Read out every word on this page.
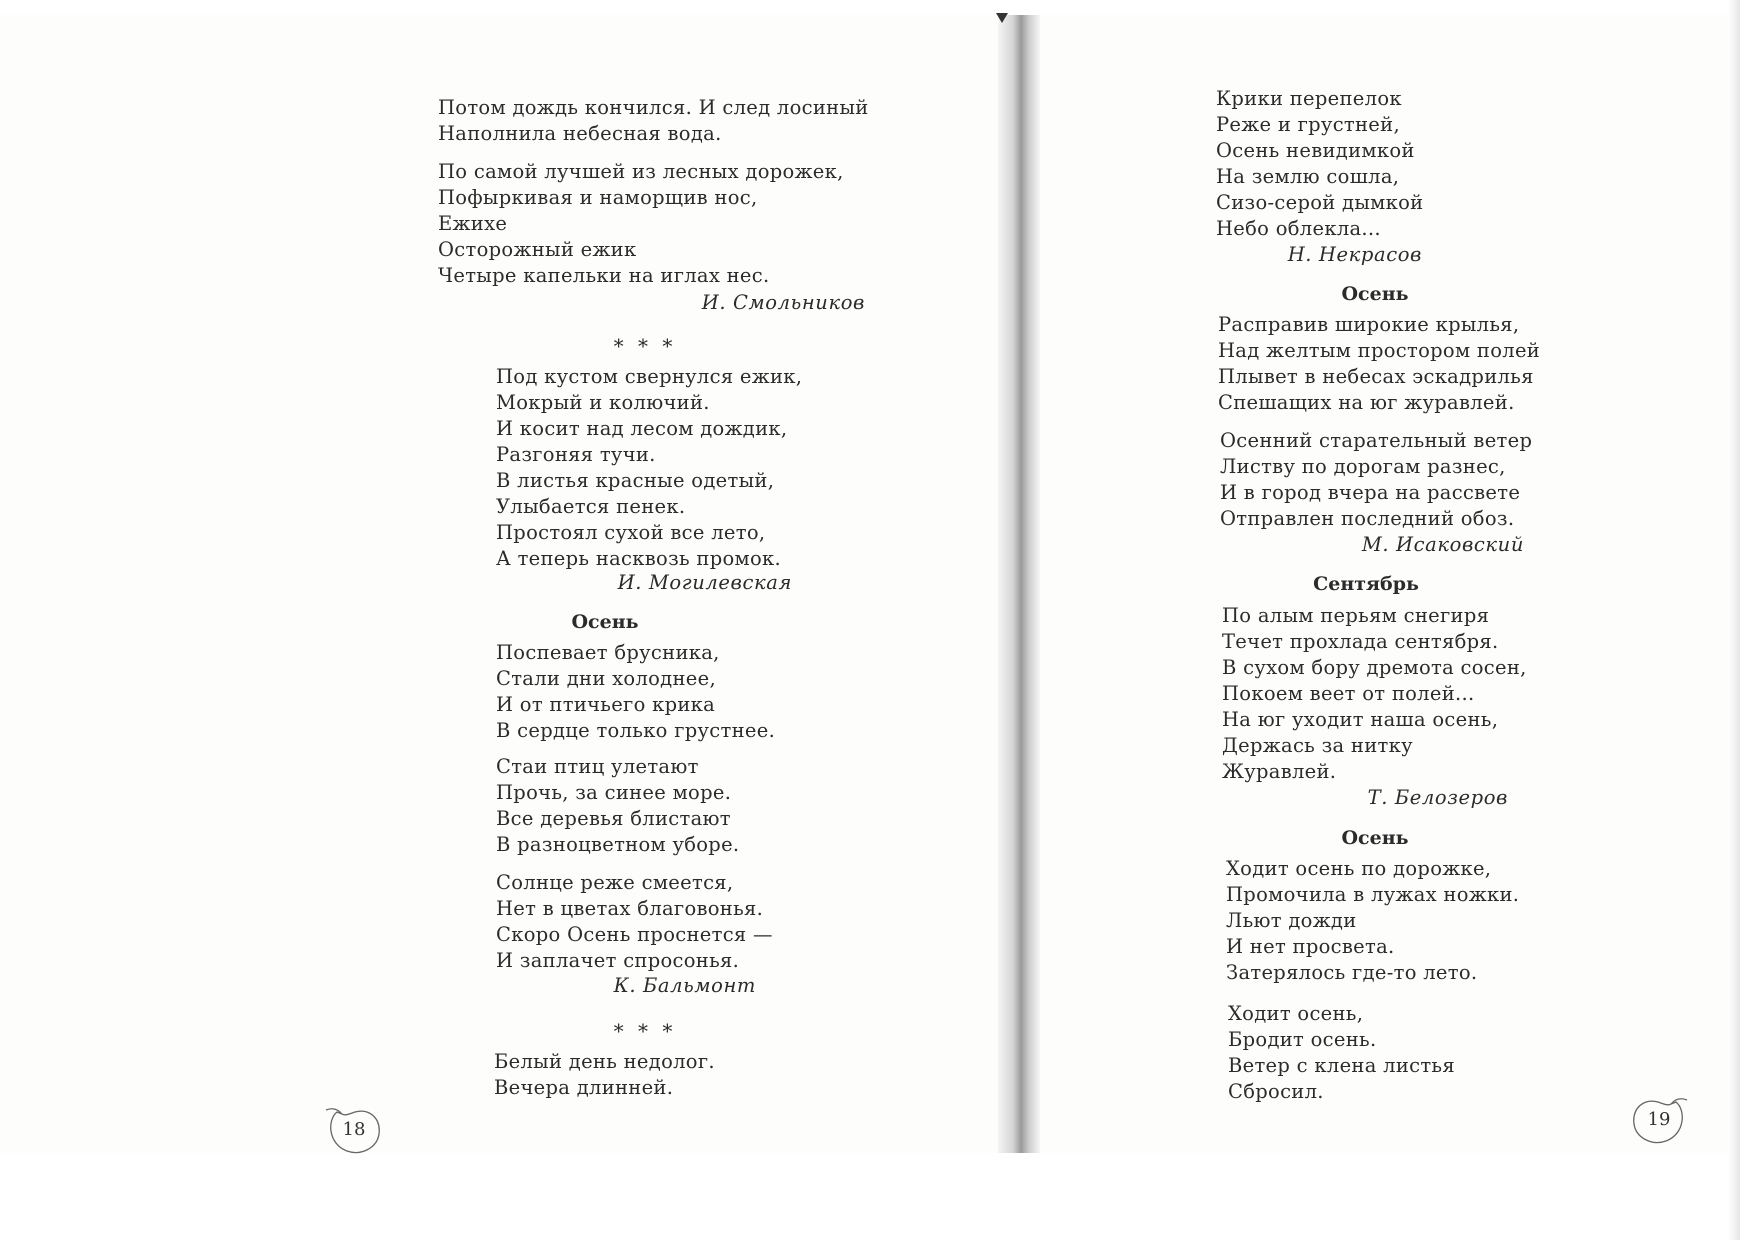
Потом дождь кончился. И след лосиный
Наполнила небесная вода.
По самой лучшей из лесных дорожек,
Пофыркивая и наморщив нос,
Ежихе
Осторожный ежик
Четыре капельки на иглах нес.
И. Смольников
* * *
Под кустом свернулся ежик,
Мокрый и колючий.
И косит над лесом дождик,
Разгоняя тучи.
В листья красные одетый,
Улыбается пенек.
Простоял сухой все лето,
А теперь насквозь промок.
И. Могилевская
Осень
Поспевает брусника,
Стали дни холоднее,
И от птичьего крика
В сердце только грустнее.
Стаи птиц улетают
Прочь, за синее море.
Все деревья блистают
В разноцветном уборе.
Солнце реже смеется,
Нет в цветах благовонья.
Скоро Осень проснется —
И заплачет спросонья.
К. Бальмонт
* * *
Белый день недолог.
Вечера длинней.
18
Крики перепелок
Реже и грустней,
Осень невидимкой
На землю сошла,
Сизо-серой дымкой
Небо облекла...
Н. Некрасов
Осень
Расправив широкие крылья,
Над желтым простором полей
Плывет в небесах эскадрилья
Спешащих на юг журавлей.
Осенний старательный ветер
Листву по дорогам разнес,
И в город вчера на рассвете
Отправлен последний обоз.
М. Исаковский
Сентябрь
По алым перьям снегиря
Течет прохлада сентября.
В сухом бору дремота сосен,
Покоем веет от полей...
На юг уходит наша осень,
Держась за нитку
Журавлей.
Т. Белозеров
Осень
Ходит осень по дорожке,
Промочила в лужах ножки.
Льют дожди
И нет просвета.
Затерялось где-то лето.
Ходит осень,
Бродит осень.
Ветер с клена листья
Сбросил.
19
